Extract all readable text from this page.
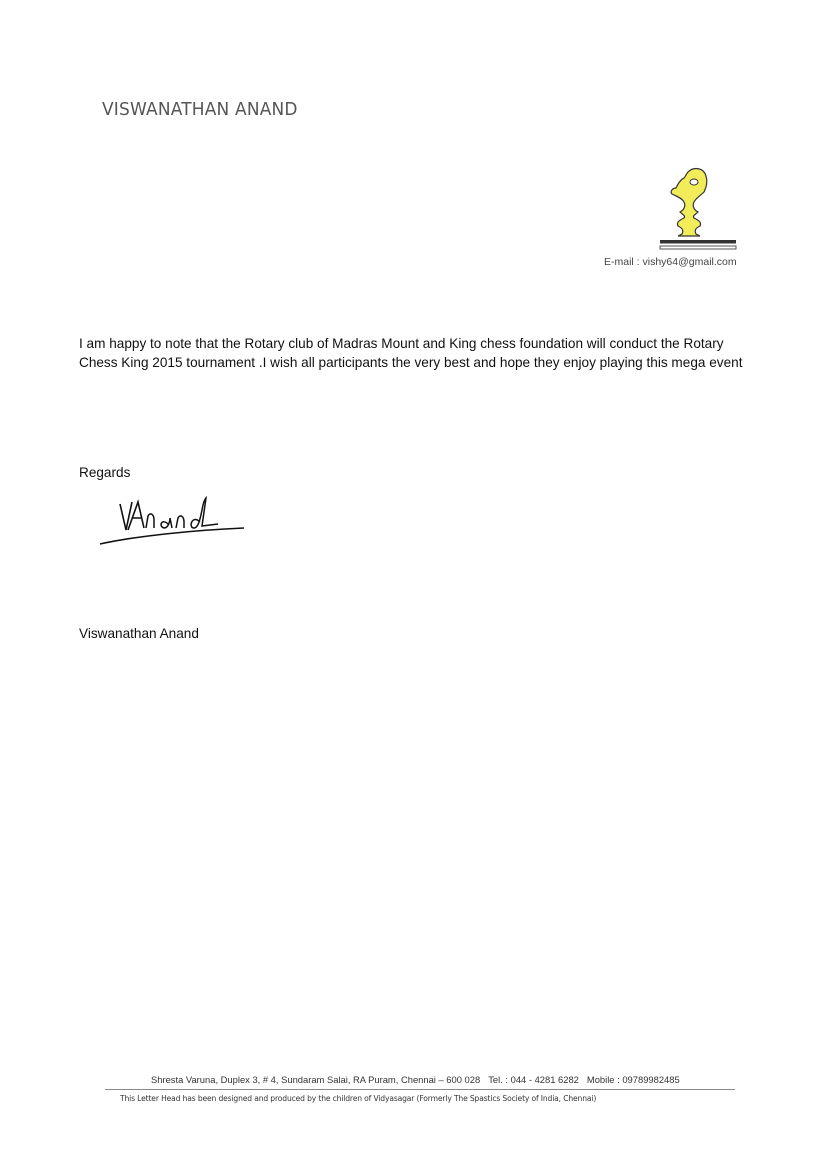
VISWANATHAN ANAND
E-mail : vishy64@gmail.com
I am happy to note that the Rotary club of Madras Mount and King chess foundation will conduct the Rotary Chess King 2015 tournament .I wish all participants the very best and hope they enjoy playing this mega event
Regards
Viswanathan Anand
Shresta Varuna, Duplex 3, # 4, Sundaram Salai, RA Puram, Chennai – 600 028 Tel. : 044 - 4281 6282 Mobile : 09789982485
This Letter Head has been designed and produced by the children of Vidyasagar (Formerly The Spastics Society of India, Chennai)
